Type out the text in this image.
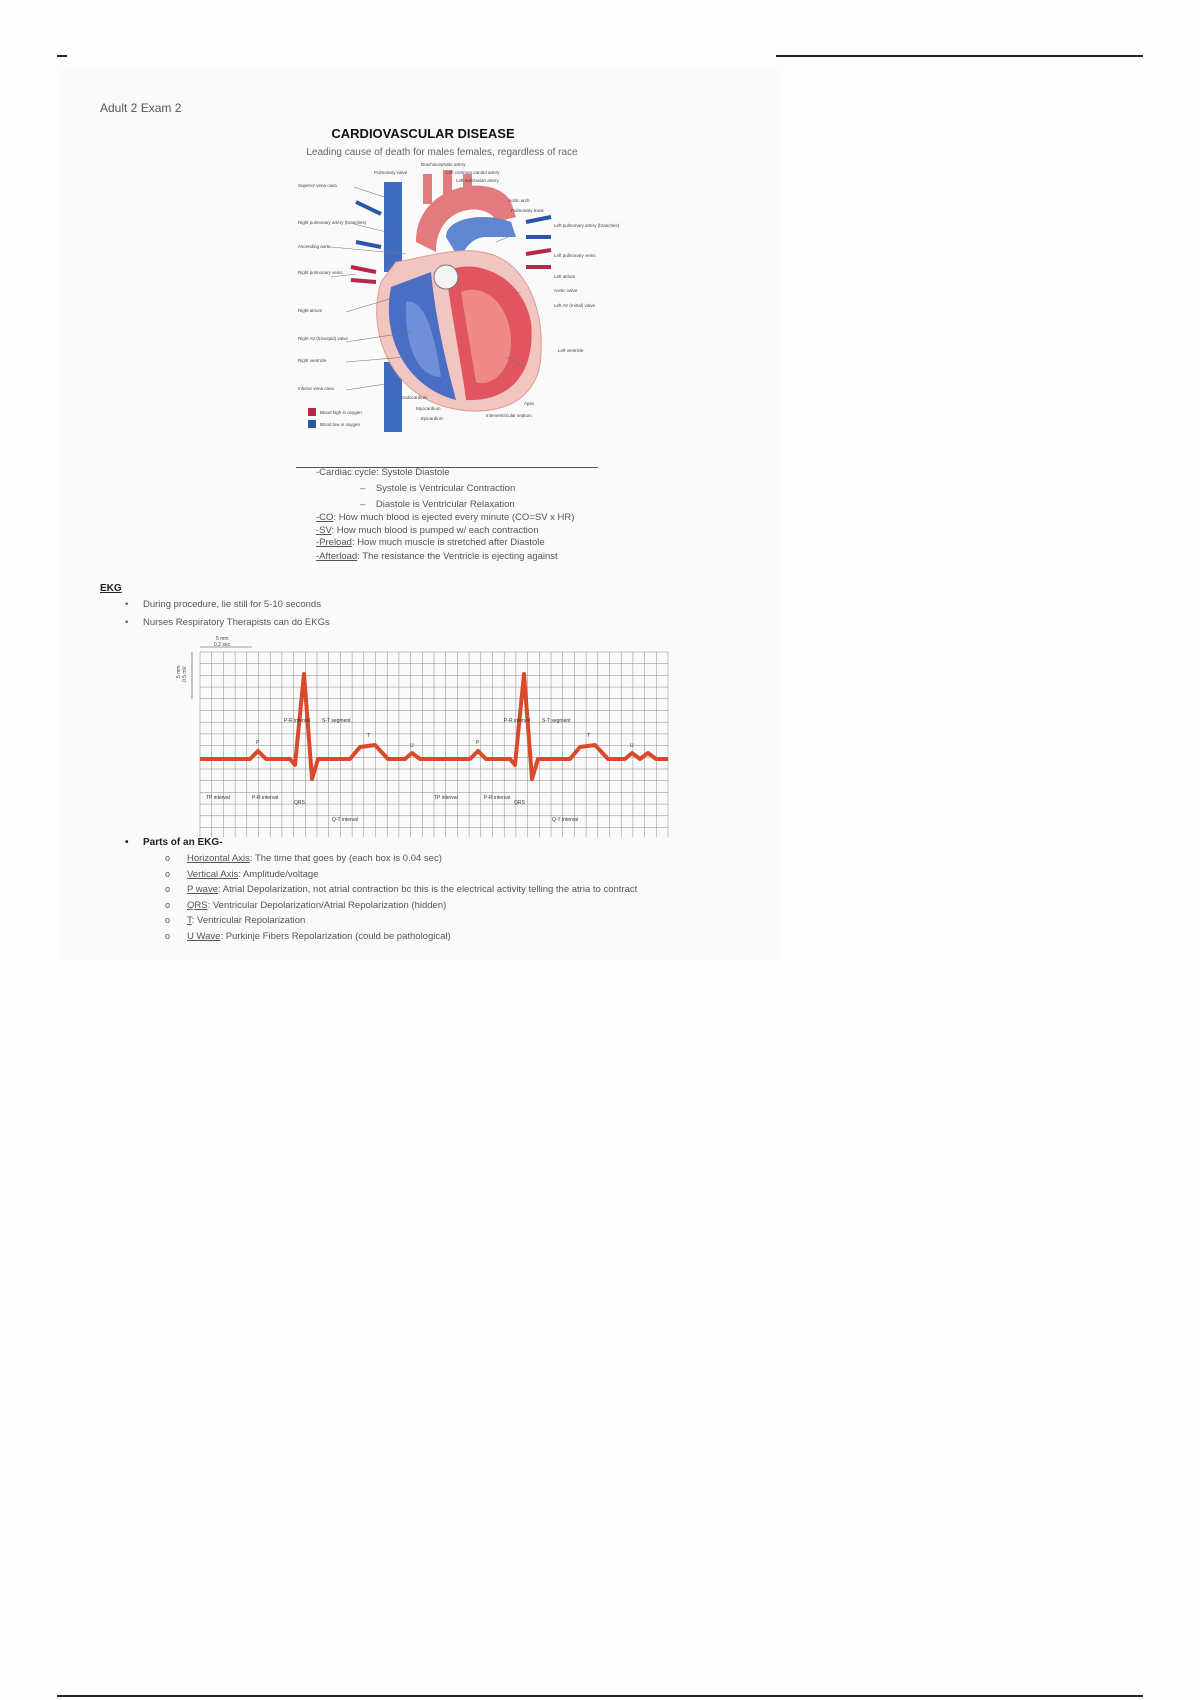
Adult 2 Exam 2
CARDIOVASCULAR DISEASE
Leading cause of death for males females, regardless of race
Superior vena cava
Right pulmonary artery (branches)
Ascending aorta
Right pulmonary veins
Right atrium
Right AV (tricuspid) valve
Right ventricle
Inferior vena cava
Brachiocephalic artery
Left common carotid artery
Left subclavian artery
Aortic arch
Pulmonary trunk
Left pulmonary artery (branches)
Left pulmonary veins
Left atrium
Aortic valve
Left AV (mitral) valve
Left ventricle
Apex
Interventricular septum
Pulmonary valve
Endocardium
Myocardium
Epicardium
Blood high in oxygen
Blood low in oxygen
-Cardiac cycle: Systole Diastole
–    Systole is Ventricular Contraction
–    Diastole is Ventricular Relaxation
-CO: How much blood is ejected every minute (CO=SV x HR)
-SV: How much blood is pumped w/ each contraction
-Preload: How much muscle is stretched after Diastole
-Afterload: The resistance the Ventricle is ejecting against
EKG
• During procedure, lie still for 5-10 seconds
• Nurses Respiratory Therapists can do EKGs
5 mm
0.2 sec
5 mm 0.5 mV
P
T
U	P
T
U
P-R interval S-T segment
TP interval	P-R interval
QRS
Q-T interval
P-R interval S-T segment
TP interval	P-R interval
QRS
Q-T interval
• Parts of an EKG-
o Horizontal Axis: The time that goes by (each box is 0.04 sec)
o Vertical Axis: Amplitude/voltage
o P wave: Atrial Depolarization, not atrial contraction bc this is the electrical activity telling the atria to contract
o QRS: Ventricular Depolarization/Atrial Repolarization (hidden)
o T: Ventricular Repolarization
o U Wave: Purkinje Fibers Repolarization (could be pathological)
